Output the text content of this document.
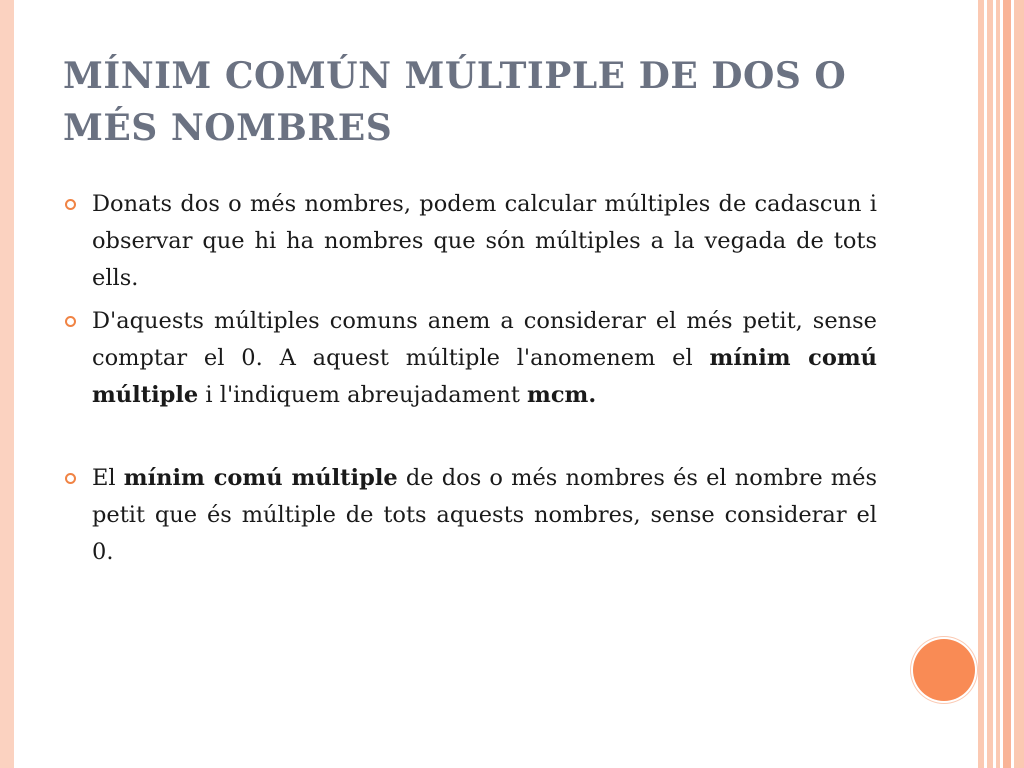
MÍNIM COMÚN MÚLTIPLE DE DOS O MÉS NOMBRES
Donats dos o més nombres, podem calcular múltiples de cadascun i observar que hi ha nombres que són múltiples a la vegada de tots ells.
D'aquests múltiples comuns anem a considerar el més petit, sense comptar el 0. A aquest múltiple l'anomenem el mínim comú múltiple i l'indiquem abreujadament mcm.
El mínim comú múltiple de dos o més nombres és el nombre més petit que és múltiple de tots aquests nombres, sense considerar el 0.
